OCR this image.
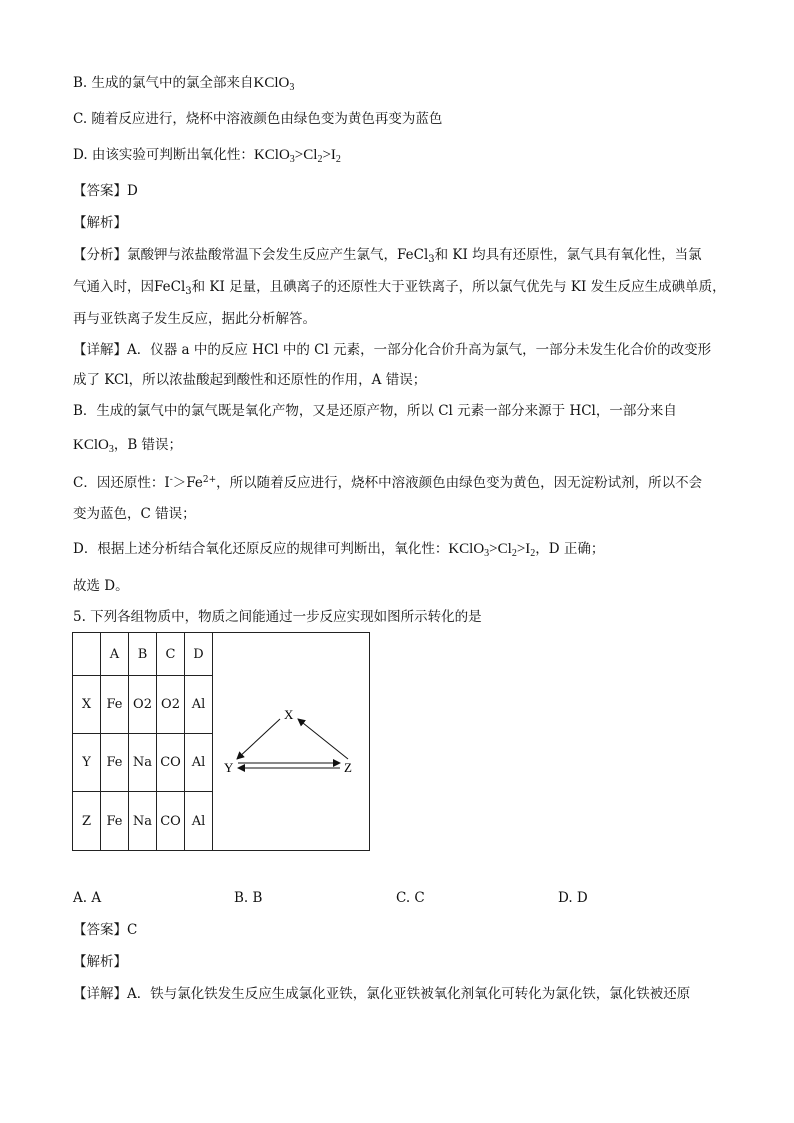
B. 生成的氯气中的氯全部来自KClO$_3$
C. 随着反应进行，烧杯中溶液颜色由绿色变为黄色再变为蓝色
D. 由该实验可判断出氧化性：$KClO_3>Cl_2>I_2$
【答案】D
【解析】
【分析】氯酸钾与浓盐酸常温下会发生反应产生氯气，FeCl$_3$和 KI 均具有还原性，氯气具有氧化性，当氯
气通入时，因FeCl$_3$和 KI 足量，且碘离子的还原性大于亚铁离子，所以氯气优先与 KI 发生反应生成碘单质，
再与亚铁离子发生反应，据此分析解答。
【详解】A．仪器 a 中的反应 HCl 中的 Cl 元素，一部分化合价升高为氯气，一部分未发生化合价的改变形
成了 KCl，所以浓盐酸起到酸性和还原性的作用，A 错误；
B．生成的氯气中的氯气既是氧化产物，又是还原产物，所以 Cl 元素一部分来源于 HCl，一部分来自
KClO$_3$，B 错误；
C．因还原性：$I^->Fe^{2+}$，所以随着反应进行，烧杯中溶液颜色由绿色变为黄色，因无淀粉试剂，所以不会
变为蓝色，C 错误；
D．根据上述分析结合氧化还原反应的规律可判断出，氧化性：$KClO_3>Cl_2>I_2$，D 正确；
故选 D。
5. 下列各组物质中，物质之间能通过一步反应实现如图所示转化的是
	A	B	C	D
X	Fe	O2	O2	Al
Y	Fe	Na	CO	Al
Z	Fe	Na	CO	Al
X
Y	Z
A. A	B. B	C. C	D. D
【答案】C
【解析】
【详解】A．铁与氯化铁发生反应生成氯化亚铁，氯化亚铁被氧化剂氧化可转化为氯化铁，氯化铁被还原
